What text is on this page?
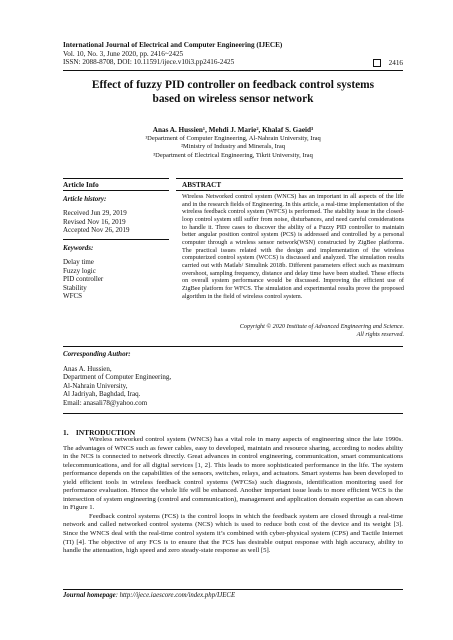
International Journal of Electrical and Computer Engineering (IJECE)
Vol. 10, No. 3, June 2020, pp. 2416~2425
ISSN: 2088-8708, DOI: 10.11591/ijece.v10i3.pp2416-2425	2416
Effect of fuzzy PID controller on feedback control systems
based on wireless sensor network
Anas A. Hussien¹, Mehdi J. Marie², Khalaf S. Gaeid³
¹Department of Computer Engineering, Al-Nahrain University, Iraq
²Ministry of Industry and Minerals, Iraq
³Department of Electrical Engineering, Tikrit University, Iraq
Article Info	ABSTRACT
Article history:
Received Jun 29, 2019
Revised Nov 16, 2019
Accepted Nov 26, 2019
Keywords:
Delay time
Fuzzy logic
PID controller
Stability
WFCS
Wireless Networked control system (WNCS) has an important in all aspects of the life and in the research fields of Engineering. In this article, a real-time implementation of the wireless feedback control system (WFCS) is performed. The stability issue in the closed-loop control system still suffer from noise, disturbances, and need careful considerations to handle it. Three cases to discover the ability of a Fuzzy PID controller to maintain better angular position control system (PCS) is addressed and controlled by a personal computer through a wireless sensor network(WSN) constructed by ZigBee platforms. The practical issues related with the design and implementation of the wireless computerized control system (WCCS) is discussed and analyzed. The simulation results carried out with Matlab/ Simulink 2018b. Different parameters effect such as maximum overshoot, sampling frequency, distance and delay time have been studied. These effects on overall system performance would be discussed. Improving the efficient use of ZigBee platform for WFCS. The simulation and experimental results prove the proposed algorithm in the field of wireless control system.
Copyright © 2020 Institute of Advanced Engineering and Science.
All rights reserved.
Corresponding Author:
Anas A. Hussien,
Department of Computer Engineering,
Al-Nahrain University,
Al Jadriyah, Baghdad, Iraq.
Email: anasali78@yahoo.com
1.    INTRODUCTION

Wireless networked control system (WNCS) has a vital role in many aspects of engineering since the late 1990s. The advantages of WNCS such as fewer cables, easy to developed, maintain and resource sharing, according to nodes ability in the NCS is connected to network directly. Great advances in control engineering, communication, smart communications telecommunications, and for all digital services [1, 2]. This leads to more sophisticated performance in the life. The system performance depends on the capabilities of the sensors, switches, relays, and actuators. Smart systems has been developed to yield efficient tools in wireless feedback control systems (WFCSs) such diagnosis, identification monitoring used for performance evaluation. Hence the whole life will be enhanced. Another important issue leads to more efficient WCS is the intersection of system engineering (control and communication), management and application domain expertise as can shown in Figure 1.

Feedback control systems (FCS) is the control loops in which the feedback system are closed through a real-time network and called networked control systems (NCS) which is used to reduce both cost of the device and its weight [3]. Since the WNCS deal with the real-time control system it’s combined with cyber-physical system (CPS) and Tactile Internet (TI) [4]. The objective of any FCS is to ensure that the FCS has desirable output response with high accuracy, ability to handle the attenuation, high speed and zero steady-state response as well [5].

Journal homepage: http://ijece.iaescore.com/index.php/IJECE
